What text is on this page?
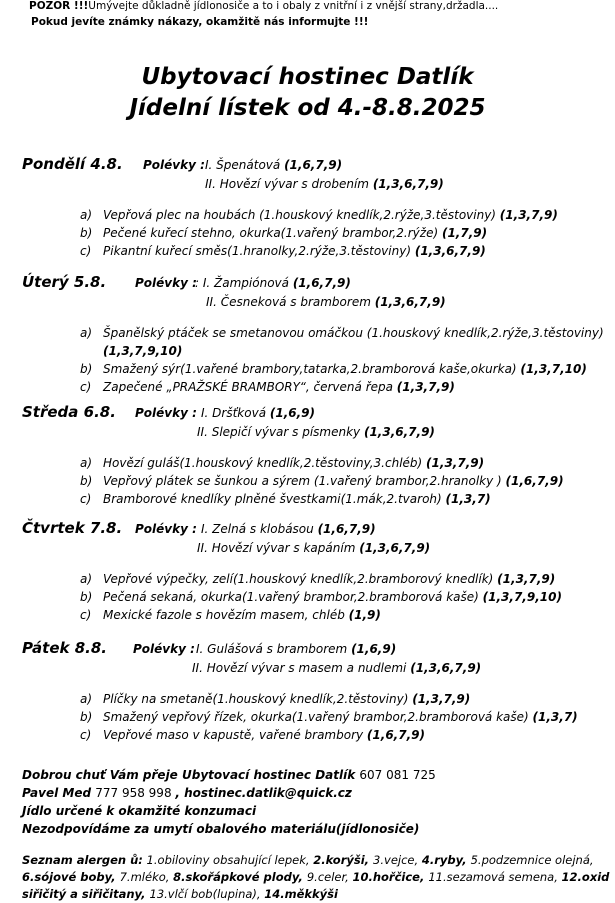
POZOR !!!Umývejte důkladně jídlonosiče a to i obaly z vnitřní i z vnější strany,držadla....
Pokud jevíte známky nákazy, okamžitě nás informujte !!!
Ubytovací hostinec Datlík
Jídelní lístek od 4.-8.8.2025
Pondělí 4.8. Polévky : I. Špenátová (1,6,7,9)
II. Hovězí vývar s drobením (1,3,6,7,9)
a) Vepřová plec na houbách (1.houskový knedlík,2.rýže,3.těstoviny) (1,3,7,9)
b) Pečené kuřecí stehno, okurka(1.vařený brambor,2.rýže) (1,7,9)
c) Pikantní kuřecí směs(1.hranolky,2.rýže,3.těstoviny) (1,3,6,7,9)
Úterý 5.8. Polévky :
: I. Žampiónová (1,6,7,9)
II. Česneková s bramborem (1,3,6,7,9)
a) Španělský ptáček se smetanovou omáčkou (1.houskový knedlík,2.rýže,3.těstoviny)
(1,3,7,9,10)
b) Smažený sýr(1.vařené brambory,tatarka,2.bramborová kaše,okurka) (1,3,7,10)
c) Zapečené „PRAŽSKÉ BRAMBORY“, červená řepa (1,3,7,9)
Středa 6.8. Polévky : I. Dršťková (1,6,9)
II. Slepičí vývar s písmenky (1,3,6,7,9)
a) Hovězí guláš(1.houskový knedlík,2.těstoviny,3.chléb) (1,3,7,9)
b) Vepřový plátek se šunkou a sýrem (1.vařený brambor,2.hranolky ) (1,6,7,9)
c) Bramborové knedlíky plněné švestkami(1.mák,2.tvaroh) (1,3,7)
Čtvrtek 7.8. Polévky : I. Zelná s klobásou (1,6,7,9)
II. Hovězí vývar s kapáním (1,3,6,7,9)
a) Vepřové výpečky, zelí(1.houskový knedlík,2.bramborový knedlík) (1,3,7,9)
b) Pečená sekaná, okurka(1.vařený brambor,2.bramborová kaše) (1,3,7,9,10)
c) Mexické fazole s hovězím masem, chléb (1,9)
Pátek 8.8. Polévky : I. Gulášová s bramborem (1,6,9)
II. Hovězí vývar s masem a nudlemi (1,3,6,7,9)
a) Plíčky na smetaně(1.houskový knedlík,2.těstoviny) (1,3,7,9)
b) Smažený vepřový řízek, okurka(1.vařený brambor,2.bramborová kaše) (1,3,7)
c) Vepřové maso v kapustě, vařené brambory (1,6,7,9)
Dobrou chuť Vám přeje Ubytovací hostinec Datlík 607 081 725
Pavel Med 777 958 998 , hostinec.datlik@quick.cz
Jídlo určené k okamžité konzumaci
Nezodpovídáme za umytí obalového materiálu(jídlonosiče)
Seznam alergen ů: 1.obiloviny obsahující lepek, 2.korýši, 3.vejce, 4.ryby, 5.podzemnice olejná, 6.sójové boby, 7.mléko, 8.skořápkové plody, 9.celer, 10.hořčice, 11.sezamová semena, 12.oxid siřičitý a siřičitany, 13.vlčí bob(lupina), 14.měkkýši
